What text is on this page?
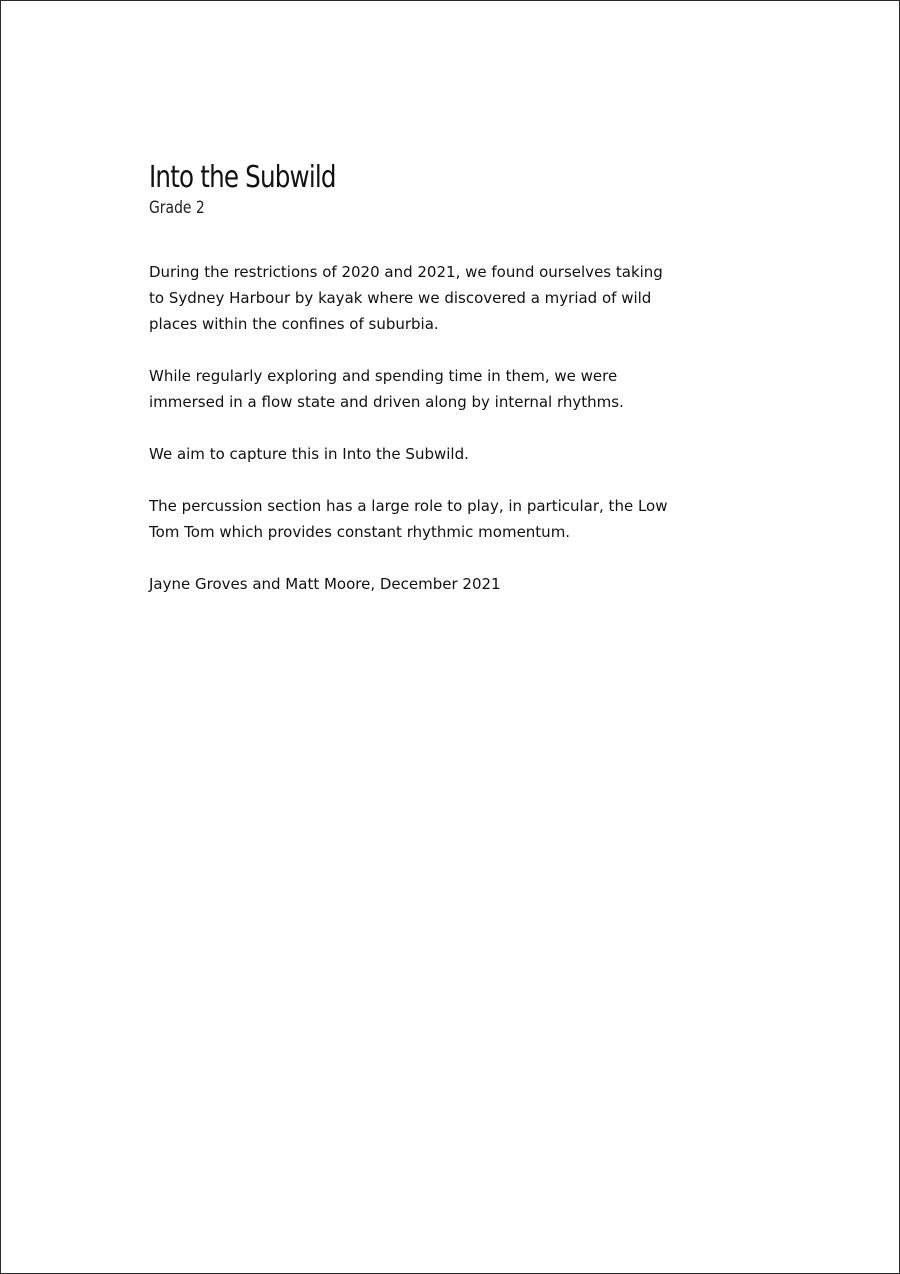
Into the Subwild
Grade 2

During the restrictions of 2020 and 2021, we found ourselves taking
to Sydney Harbour by kayak where we discovered a myriad of wild
places within the confines of suburbia.

While regularly exploring and spending time in them, we were
immersed in a flow state and driven along by internal rhythms.

We aim to capture this in Into the Subwild.

The percussion section has a large role to play, in particular, the Low
Tom Tom which provides constant rhythmic momentum.

Jayne Groves and Matt Moore, December 2021
